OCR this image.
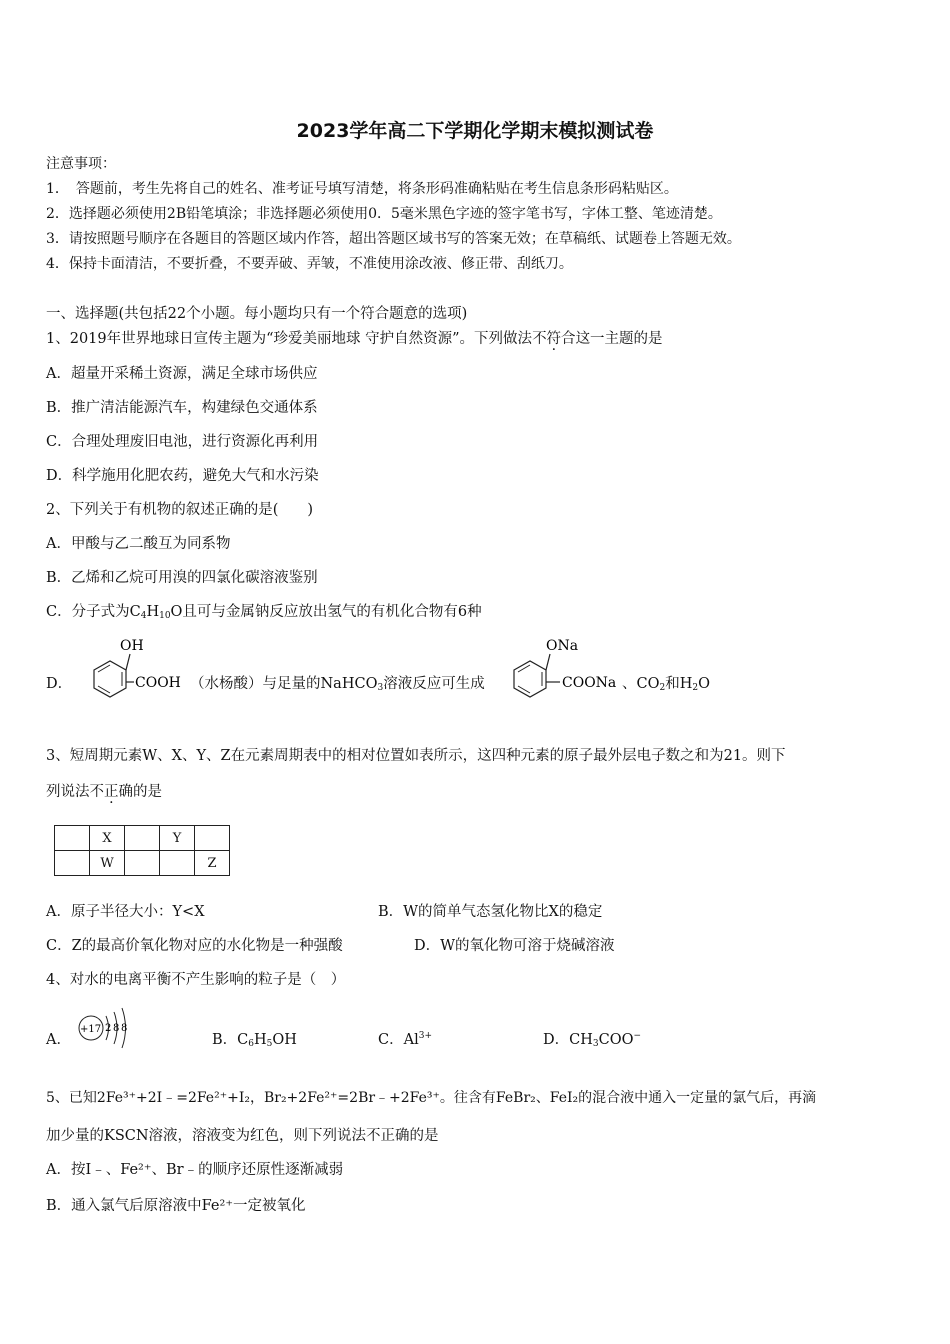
2023学年高二下学期化学期末模拟测试卷
注意事项：
1．　答题前，考生先将自己的姓名、准考证号填写清楚，将条形码准确粘贴在考生信息条形码粘贴区。
2．选择题必须使用2B铅笔填涂；非选择题必须使用0．5毫米黑色字迹的签字笔书写，字体工整、笔迹清楚。
3．请按照题号顺序在各题目的答题区域内作答，超出答题区域书写的答案无效；在草稿纸、试题卷上答题无效。
4．保持卡面清洁，不要折叠，不要弄破、弄皱，不准使用涂改液、修正带、刮纸刀。
一、选择题(共包括22个小题。每小题均只有一个符合题意的选项)
1、2019年世界地球日宣传主题为“珍爱美丽地球 守护自然资源”。下列做法不符合这一主题的是
A．超量开采稀土资源，满足全球市场供应
B．推广清洁能源汽车，构建绿色交通体系
C．合理处理废旧电池，进行资源化再利用
D．科学施用化肥农药，避免大气和水污染
2、下列关于有机物的叙述正确的是(　　)
A．甲酸与乙二酸互为同系物
B．乙烯和乙烷可用溴的四氯化碳溶液鉴别
C．分子式为$C_4H_{10}O$且可与金属钠反应放出氢气的有机化合物有6种
D．
OH
COOH （水杨酸）与足量的NaHCO$_3$溶液反应可生成
ONa
COONa 、$CO_2$和$H_2O$
3、短周期元素W、X、Y、Z在元素周期表中的相对位置如表所示，这四种元素的原子最外层电子数之和为21。则下
列说法不正确的是
	X		Y	
	W			Z
A．原子半径大小：Y<X	B．W的简单气态氢化物比X的稳定
C．Z的最高价氧化物对应的水化物是一种强酸	D．W的氧化物可溶于烧碱溶液
4、对水的电离平衡不产生影响的粒子是（　）
A．
+17 2 8 8
B．$C_6H_5OH$	C．$Al^{3+}$	D．$CH_3COO^-$
5、已知2Fe³⁺+2I﹣=2Fe²⁺+I₂，Br₂+2Fe²⁺=2Br﹣+2Fe³⁺。往含有FeBr₂、FeI₂的混合液中通入一定量的氯气后，再滴
加少量的KSCN溶液，溶液变为红色，则下列说法不正确的是
A．按I﹣、Fe²⁺、Br﹣的顺序还原性逐渐减弱
B．通入氯气后原溶液中Fe²⁺一定被氧化
